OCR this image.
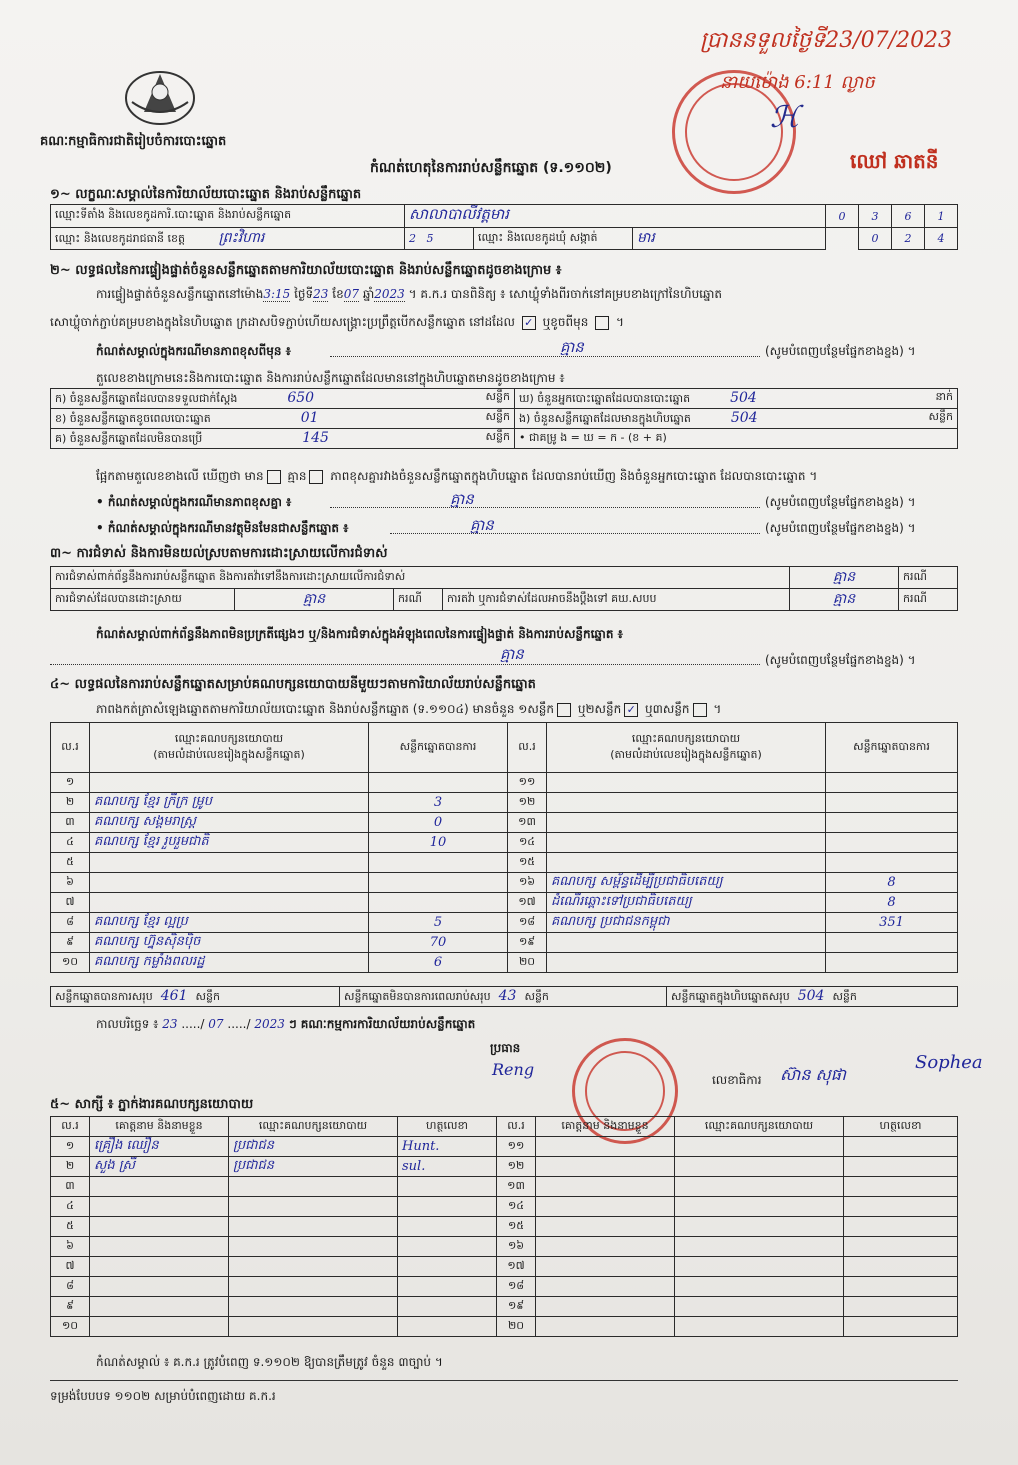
គណៈកម្មាធិការជាតិរៀបចំការបោះឆ្នោត
ប្រាននទួលថ្ងៃទី23/07/2023
នាយម៉ោង 6:11 ល្ងាច
ℋ
ឈៅ ឆាតនី
កំណត់ហេតុនៃការរាប់សន្លឹកឆ្នោត (ទ.១១០២)
១~ លក្ខណៈសម្គាល់នៃការិយាល័យបោះឆ្នោត និងរាប់សន្លឹកឆ្នោត
ឈ្មោះទីតាំង និងលេខកូដការិ.បោះឆ្នោត និងរាប់សន្លឹកឆ្នោត	សាលាបាលីវត្តមារ			0	3	6	1
ឈ្មោះ និងលេខកូដរាជធានី ខេត្ត ព្រះវិហារ	2 5	ឈ្មោះ និងលេខកូដឃុំ សង្កាត់	មារ		0	2	4
២~ លទ្ធផលនៃការផ្ទៀងផ្ទាត់ចំនួនសន្លឹកឆ្នោតតាមការិយាល័យបោះឆ្នោត និងរាប់សន្លឹកឆ្នោតដូចខាងក្រោម ៖
ការផ្ទៀងផ្ទាត់ចំនួនសន្លឹកឆ្នោតនៅម៉ោង3:15 ថ្ងៃទី23 ខែ07 ឆ្នាំ2023 ។ គ.ក.រ បានពិនិត្យ ៖ សោឃ្លុំទាំងពីរចាក់នៅគម្របខាងក្រៅនៃហិបឆ្នោត
សោឃ្លុំចាក់ភ្ជាប់គម្របខាងក្នុងនៃហិបឆ្នោត ក្រដាសបិទភ្ជាប់ហើយសង្គ្រោះប្រព្រឹត្តបើកសន្លឹកឆ្នោត នៅដដែល ✓ ឬខូចពីមុន  ។
កំណត់សម្គាល់ក្នុងករណីមានភាពខុសពីមុន ៖	គ្មាន	(សូមបំពេញបន្ថែមផ្នែកខាងខ្នង) ។
តួលេខខាងក្រោមនេះនិងការបោះឆ្នោត និងការរាប់សន្លឹកឆ្នោតដែលមាននៅក្នុងហិបឆ្នោតមានដូចខាងក្រោម ៖
ក) ចំនួនសន្លឹកឆ្នោតដែលបានទទួលជាក់ស្តែង 650 សន្លឹក	ឃ) ចំនួនអ្នកបោះឆ្នោតដែលបានបោះឆ្នោត 504 នាក់

ខ) ចំនួនសន្លឹកឆ្នោតខូចពេលបោះឆ្នោត 01 សន្លឹក	ង) ចំនួនសន្លឹកឆ្នោតដែលមានក្នុងហិបឆ្នោត 504 សន្លឹក

គ) ចំនួនសន្លឹកឆ្នោតដែលមិនបានប្រើ 145 សន្លឹក	• ជាគម្រូ ង = ឃ = ក - (ខ + គ)
ផ្អែកតាមតួលេខខាងលើ ឃើញថា មាន គ្មាន ភាពខុសគ្នារវាងចំនួនសន្លឹកឆ្នោតក្នុងហិបឆ្នោត ដែលបានរាប់ឃើញ និងចំនួនអ្នកបោះឆ្នោត ដែលបានបោះឆ្នោត ។
• កំណត់សម្គាល់ក្នុងករណីមានភាពខុសគ្នា ៖	គ្មាន	(សូមបំពេញបន្ថែមផ្នែកខាងខ្នង) ។
• កំណត់សម្គាល់ក្នុងករណីមានវត្ថុមិនមែនជាសន្លឹកឆ្នោត ៖	គ្មាន	(សូមបំពេញបន្ថែមផ្នែកខាងខ្នង) ។
៣~ ការជំទាស់ និងការមិនយល់ស្របតាមការដោះស្រាយលើការជំទាស់
ការជំទាស់ពាក់ព័ន្ធនឹងការរាប់សន្លឹកឆ្នោត និងការតវ៉ាទៅនឹងការដោះស្រាយលើការជំទាស់				គ្មាន	ករណី
ការជំទាស់ដែលបានដោះស្រាយ	គ្មាន	ករណី	ការតវ៉ា ឬការជំទាស់ដែលអាចនឹងប្តឹងទៅ គឃ.សបប	គ្មាន	ករណី
កំណត់សម្គាល់ពាក់ព័ន្ធនឹងភាពមិនប្រក្រតីផ្សេងៗ ឬ/និងការជំទាស់ក្នុងអំឡុងពេលនៃការផ្ទៀងផ្ទាត់ និងការរាប់សន្លឹកឆ្នោត ៖
គ្មាន	(សូមបំពេញបន្ថែមផ្នែកខាងខ្នង) ។
៤~ លទ្ធផលនៃការរាប់សន្លឹកឆ្នោតសម្រាប់គណបក្សនយោបាយនីមួយៗតាមការិយាល័យរាប់សន្លឹកឆ្នោត
ភាពងកត់ត្រាសំឡេងឆ្នោតតាមការិយាល័យបោះឆ្នោត និងរាប់សន្លឹកឆ្នោត (ទ.១១០៤) មានចំនួន ១សន្លឹក ឬ២សន្លឹក ✓ ឬ៣សន្លឹក ។
ល.រ	ឈ្មោះគណបក្សនយោបាយ
(តាមលំដាប់លេខរៀងក្នុងសន្លឹកឆ្នោត)	សន្លឹកឆ្នោតបានការ	ល.រ	ឈ្មោះគណបក្សនយោបាយ
(តាមលំដាប់លេខរៀងក្នុងសន្លឹកឆ្នោត)	សន្លឹកឆ្នោតបានការ
១			១១		
២	គណបក្ស ខ្មែរ ក្រីក្រ ម្រូប	3	១២		
៣	គណបក្ស សង្គមរាស្ត្រ	0	១៣		
៤	គណបក្ស ខ្មែរ រួបរួមជាតិ	10	១៤		
៥			១៥		
៦			១៦	គណបក្ស សម្ព័ន្ធដើម្បីប្រជាធិបតេយ្យ	8
៧			១៧	ដំណើរឆ្ពោះទៅប្រជាធិបតេយ្យ	8
៨	គណបក្ស ខ្មែរ ល្អប្រ	5	១៨	គណបក្ស ប្រជាជនកម្ពុជា	351
៩	គណបក្ស ហ្វ៊ុនស៊ិនប៉ិច	70	១៩		
១០	គណបក្ស កម្លាំងពលរដ្ឋ	6	២០		
សន្លឹកឆ្នោតបានការសរុប 461 សន្លឹក	សន្លឹកឆ្នោតមិនបានការពេលរាប់សរុប 43 សន្លឹក	សន្លឹកឆ្នោតក្នុងហិបឆ្នោតសរុប 504 សន្លឹក
កាលបរិច្ឆេទ ៖ 23 ...../ 07 ...../ 2023 ៗ គណៈកម្មការការិយាល័យរាប់សន្លឹកឆ្នោត
ប្រធាន
Reng
លេខាធិការ ស៊ាន សុផា
Sophea
៥~ សាក្សី ៖ ភ្នាក់ងារគណបក្សនយោបាយ
ល.រ	គោត្តនាម និងនាមខ្លួន	ឈ្មោះគណបក្សនយោបាយ	ហត្ថលេខា	ល.រ	គោត្តនាម និងនាមខ្លួន	ឈ្មោះគណបក្សនយោបាយ	ហត្ថលេខា
១	គ្រឿង ឈឿន	ប្រជាជន	Hunt.	១១			
២	សួង ស្រី	ប្រជាជន	sul.	១២			
៣				១៣			
៤				១៤			
៥				១៥			
៦				១៦			
៧				១៧			
៨				១៨			
៩				១៩			
១០				២០			
កំណត់សម្គាល់ ៖ គ.ក.រ ត្រូវបំពេញ ទ.១១០២ ឱ្យបានត្រឹមត្រូវ ចំនួន ៣ច្បាប់ ។
ទម្រង់បែបបទ ១១០២ សម្រាប់បំពេញដោយ គ.ក.រ
